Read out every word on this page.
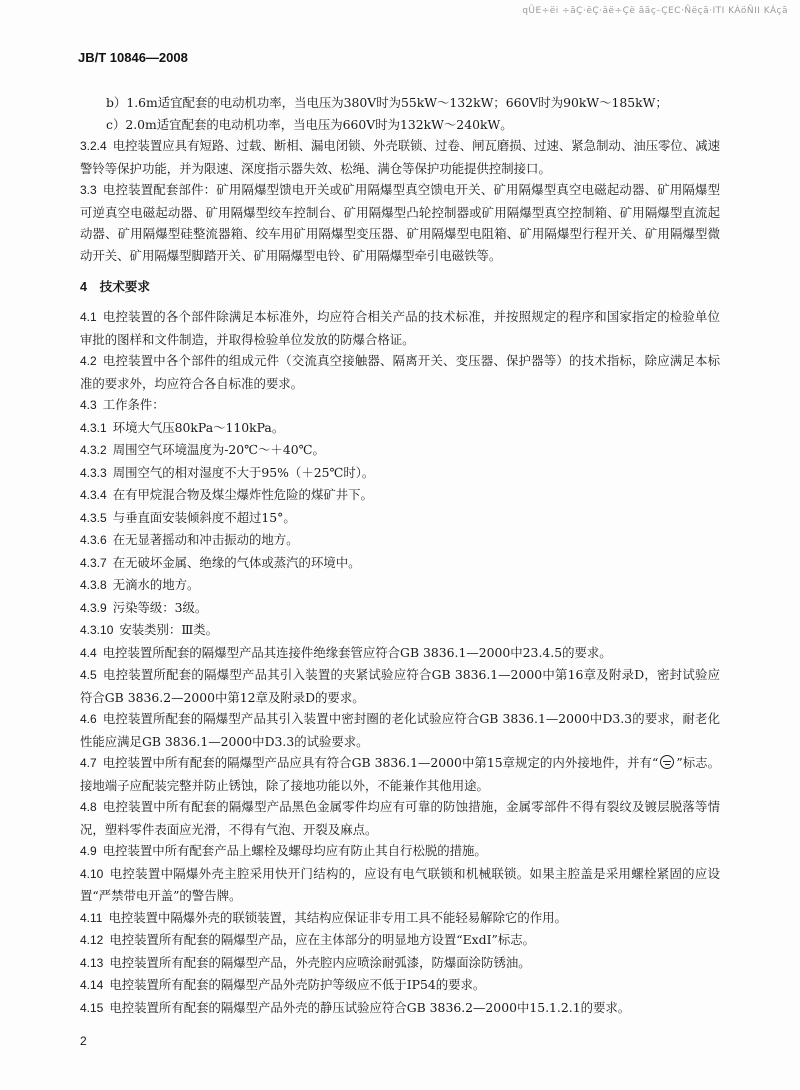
qÜE÷ëi ÷ãÇ·ëÇ·äë÷Çë ããç–ÇEC·Ñëçã·ITI KÁöÑII KÁçã
JB/T 10846—2008

b）1.6m适宜配套的电动机功率，当电压为380V时为55kW～132kW；660V时为90kW～185kW；

c）2.0m适宜配套的电动机功率，当电压为660V时为132kW～240kW。

3.2.4 电控装置应具有短路、过载、断相、漏电闭锁、外壳联锁、过卷、闸瓦磨损、过速、紧急制动、油压零位、减速警铃等保护功能，并为限速、深度指示器失效、松绳、满仓等保护功能提供控制接口。

3.3 电控装置配套部件：矿用隔爆型馈电开关或矿用隔爆型真空馈电开关、矿用隔爆型真空电磁起动器、矿用隔爆型可逆真空电磁起动器、矿用隔爆型绞车控制台、矿用隔爆型凸轮控制器或矿用隔爆型真空控制箱、矿用隔爆型直流起动器、矿用隔爆型硅整流器箱、绞车用矿用隔爆型变压器、矿用隔爆型电阻箱、矿用隔爆型行程开关、矿用隔爆型微动开关、矿用隔爆型脚踏开关、矿用隔爆型电铃、矿用隔爆型牵引电磁铁等。

4　技术要求

4.1 电控装置的各个部件除满足本标准外，均应符合相关产品的技术标准，并按照规定的程序和国家指定的检验单位审批的图样和文件制造，并取得检验单位发放的防爆合格证。

4.2 电控装置中各个部件的组成元件（交流真空接触器、隔离开关、变压器、保护器等）的技术指标，除应满足本标准的要求外，均应符合各自标准的要求。

4.3 工作条件：

4.3.1 环境大气压80kPa～110kPa。

4.3.2 周围空气环境温度为-20℃～＋40℃。

4.3.3 周围空气的相对湿度不大于95%（＋25℃时）。

4.3.4 在有甲烷混合物及煤尘爆炸性危险的煤矿井下。

4.3.5 与垂直面安装倾斜度不超过15°。

4.3.6 在无显著摇动和冲击振动的地方。

4.3.7 在无破坏金属、绝缘的气体或蒸汽的环境中。

4.3.8 无滴水的地方。

4.3.9 污染等级：3级。

4.3.10 安装类别：Ⅲ类。

4.4 电控装置所配套的隔爆型产品其连接件绝缘套管应符合GB 3836.1—2000中23.4.5的要求。

4.5 电控装置所配套的隔爆型产品其引入装置的夹紧试验应符合GB 3836.1—2000中第16章及附录D，密封试验应符合GB 3836.2—2000中第12章及附录D的要求。

4.6 电控装置所配套的隔爆型产品其引入装置中密封圈的老化试验应符合GB 3836.1—2000中D3.3的要求，耐老化性能应满足GB 3836.1—2000中D3.3的试验要求。

4.7 电控装置中所有配套的隔爆型产品应具有符合GB 3836.1—2000中第15章规定的内外接地件，并有“ ”标志。接地端子应配装完整并防止锈蚀，除了接地功能以外，不能兼作其他用途。

4.8 电控装置中所有配套的隔爆型产品黑色金属零件均应有可靠的防蚀措施，金属零部件不得有裂纹及镀层脱落等情况，塑料零件表面应光滑，不得有气泡、开裂及麻点。

4.9 电控装置中所有配套产品上螺栓及螺母均应有防止其自行松脱的措施。

4.10 电控装置中隔爆外壳主腔采用快开门结构的，应设有电气联锁和机械联锁。如果主腔盖是采用螺栓紧固的应设置“严禁带电开盖”的警告牌。

4.11 电控装置中隔爆外壳的联锁装置，其结构应保证非专用工具不能轻易解除它的作用。

4.12 电控装置所有配套的隔爆型产品，应在主体部分的明显地方设置“ExdI”标志。

4.13 电控装置所有配套的隔爆型产品，外壳腔内应喷涂耐弧漆，防爆面涂防锈油。

4.14 电控装置所有配套的隔爆型产品外壳防护等级应不低于IP54的要求。

4.15 电控装置所有配套的隔爆型产品外壳的静压试验应符合GB 3836.2—2000中15.1.2.1的要求。

2
